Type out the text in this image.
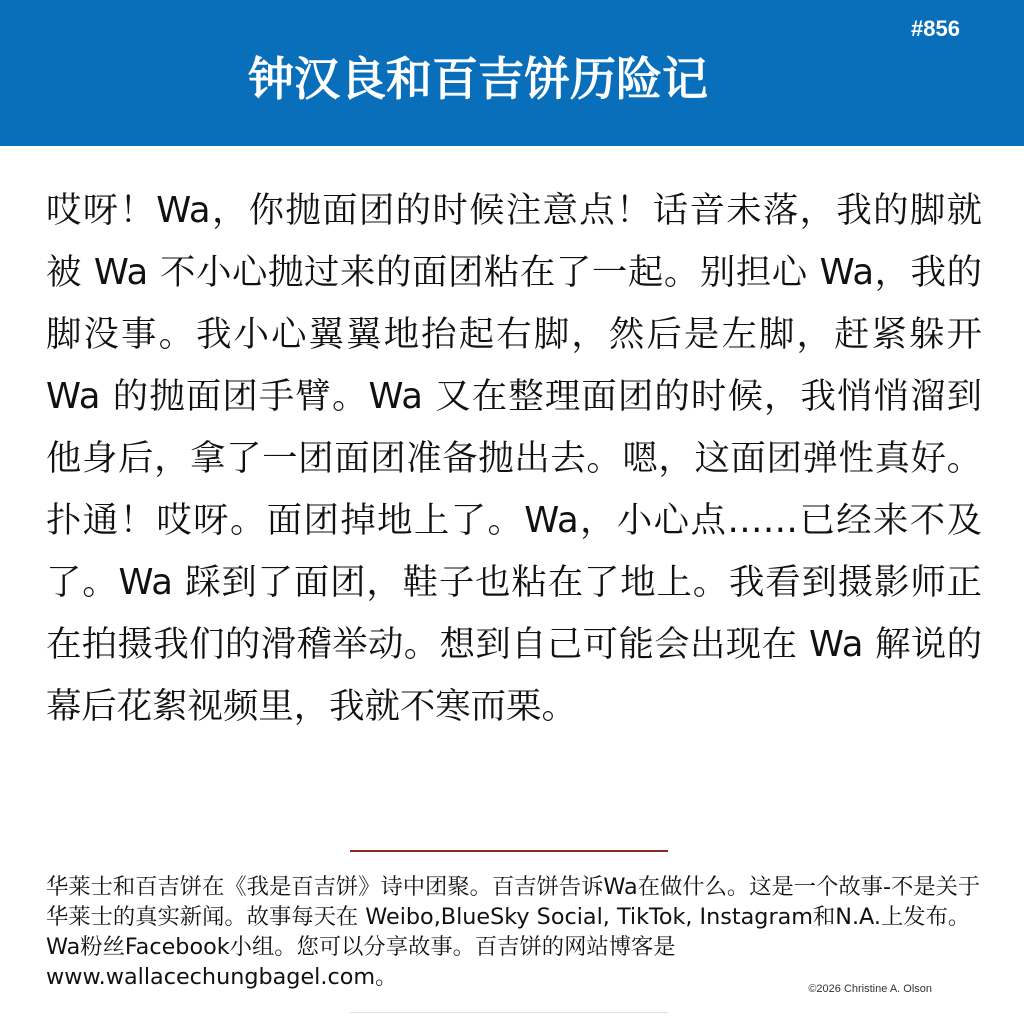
#856
钟汉良和百吉饼历险记

哎呀！Wa，你抛面团的时候注意点！话音未落，我的脚就被 Wa 不小心抛过来的面团粘在了一起。别担心 Wa，我的脚没事。我小心翼翼地抬起右脚，然后是左脚，赶紧躲开 Wa 的抛面团手臂。Wa 又在整理面团的时候，我悄悄溜到他身后，拿了一团面团准备抛出去。嗯，这面团弹性真好。扑通！哎呀。面团掉地上了。Wa，小心点……已经来不及了。Wa 踩到了面团，鞋子也粘在了地上。我看到摄影师正在拍摄我们的滑稽举动。想到自己可能会出现在 Wa 解说的幕后花絮视频里，我就不寒而栗。

华莱士和百吉饼在《我是百吉饼》诗中团聚。百吉饼告诉Wa在做什么。这是一个故事-不是关于华莱士的真实新闻。故事每天在 Weibo,BlueSky Social, TikTok, Instagram和N.A.上发布。Wa粉丝Facebook小组。您可以分享故事。百吉饼的网站博客是www.wallacechungbagel.com。	©2026 Christine A. Olson
